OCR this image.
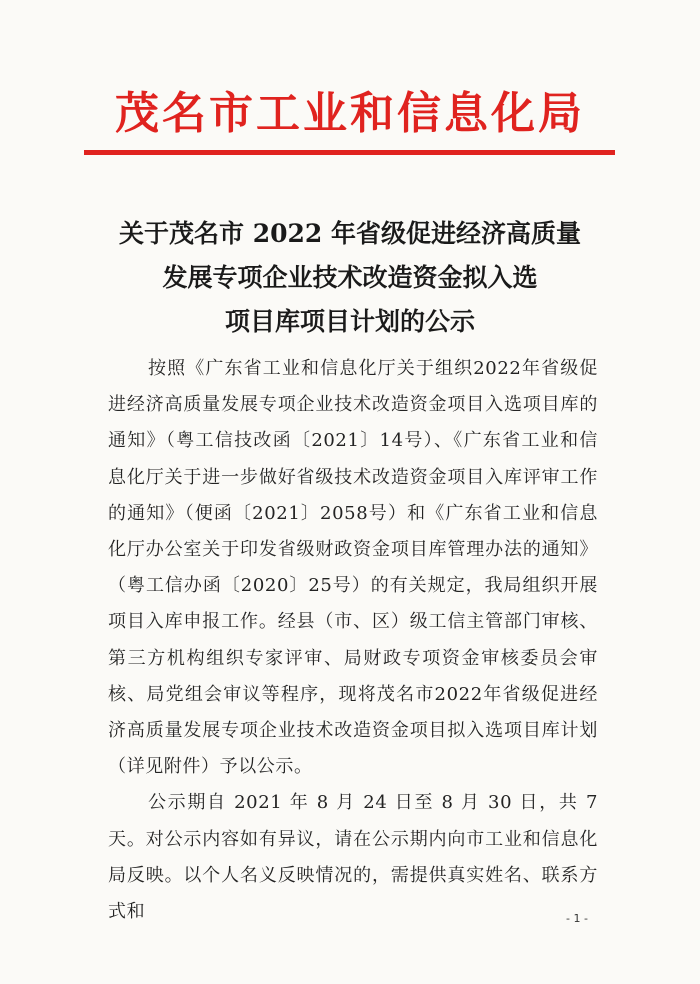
茂名市工业和信息化局
关于茂名市 2022 年省级促进经济高质量
发展专项企业技术改造资金拟入选
项目库项目计划的公示

按照《广东省工业和信息化厅关于组织2022年省级促进经济高质量发展专项企业技术改造资金项目入选项目库的通知》（粤工信技改函〔2021〕14号）、《广东省工业和信息化厅关于进一步做好省级技术改造资金项目入库评审工作的通知》（便函〔2021〕2058号）和《广东省工业和信息化厅办公室关于印发省级财政资金项目库管理办法的通知》（粤工信办函〔2020〕25号）的有关规定，我局组织开展项目入库申报工作。经县（市、区）级工信主管部门审核、第三方机构组织专家评审、局财政专项资金审核委员会审核、局党组会审议等程序，现将茂名市2022年省级促进经济高质量发展专项企业技术改造资金项目拟入选项目库计划（详见附件）予以公示。

公示期自 2021 年 8 月 24 日至 8 月 30 日，共 7 天。对公示内容如有异议，请在公示期内向市工业和信息化局反映。以个人名义反映情况的，需提供真实姓名、联系方式和	- 1 -
